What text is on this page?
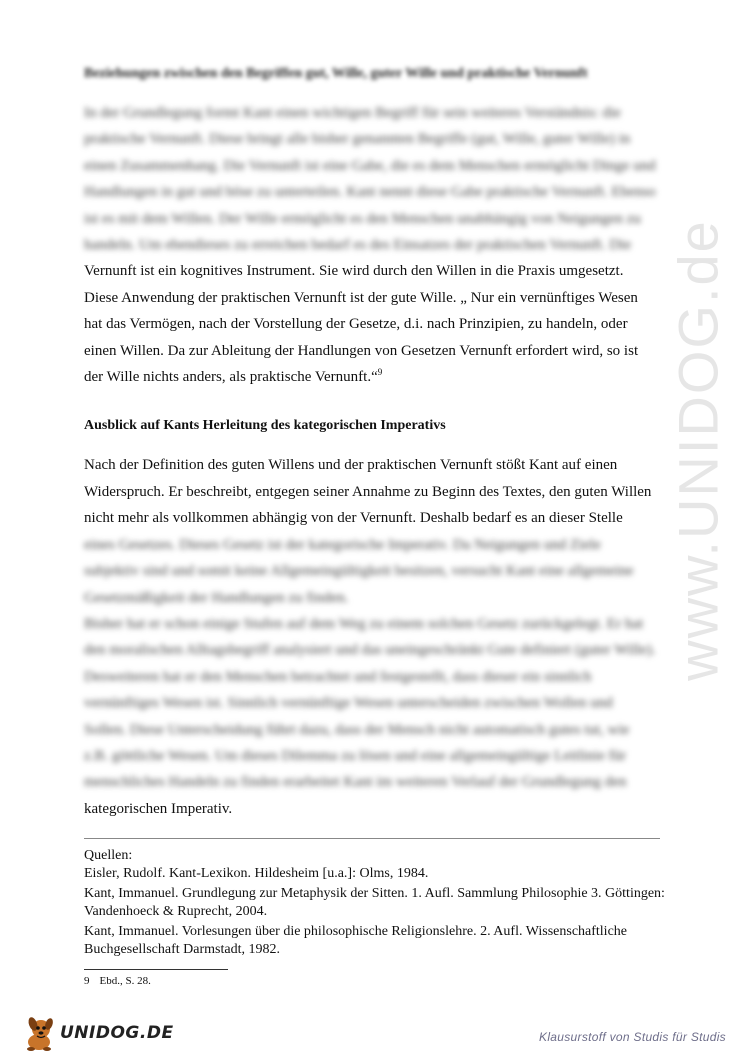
www.UNIDOG.de
Beziehungen zwischen den Begriffen gut, Wille, guter Wille und praktische Vernunft

In der Grundlegung formt Kant einen wichtigen Begriff für sein weiteres Verständnis: die

praktische Vernunft. Diese bringt alle bisher genannten Begriffe (gut, Wille, guter Wille) in

einen Zusammenhang. Die Vernunft ist eine Gabe, die es dem Menschen ermöglicht Dinge und

Handlungen in gut und böse zu unterteilen. Kant nennt diese Gabe praktische Vernunft. Ebenso

ist es mit dem Willen. Der Wille ermöglicht es den Menschen unabhängig von Neigungen zu

handeln. Um ebendieses zu erreichen bedarf es des Einsatzes der praktischen Vernunft. Die

Vernunft ist ein kognitives Instrument. Sie wird durch den Willen in die Praxis umgesetzt.

Diese Anwendung der praktischen Vernunft ist der gute Wille. „ Nur ein vernünftiges Wesen

hat das Vermögen, nach der Vorstellung der Gesetze, d.i. nach Prinzipien, zu handeln, oder

einen Willen. Da zur Ableitung der Handlungen von Gesetzen Vernunft erfordert wird, so ist

der Wille nichts anders, als praktische Vernunft.“$^9$

Ausblick auf Kants Herleitung des kategorischen Imperativs

Nach der Definition des guten Willens und der praktischen Vernunft stößt Kant auf einen

Widerspruch. Er beschreibt, entgegen seiner Annahme zu Beginn des Textes, den guten Willen

nicht mehr als vollkommen abhängig von der Vernunft. Deshalb bedarf es an dieser Stelle

eines Gesetzes. Dieses Gesetz ist der kategorische Imperativ. Da Neigungen und Ziele

subjektiv sind und somit keine Allgemeingültigkeit besitzen, versucht Kant eine allgemeine

Gesetzmäßigkeit der Handlungen zu finden.

Bisher hat er schon einige Stufen auf dem Weg zu einem solchen Gesetz zurückgelegt. Er hat

den moralischen Alltagsbegriff analysiert und das uneingeschränkt Gute definiert (guter Wille).

Desweiteren hat er den Menschen betrachtet und festgestellt, dass dieser ein sinnlich

vernünftiges Wesen ist. Sinnlich vernünftige Wesen unterscheiden zwischen Wollen und

Sollen. Diese Unterscheidung führt dazu, dass der Mensch nicht automatisch gutes tut, wie

z.B. göttliche Wesen. Um dieses Dilemma zu lösen und eine allgemeingültige Leitlinie für

menschliches Handeln zu finden erarbeitet Kant im weiteren Verlauf der Grundlegung den

kategorischen Imperativ.

Quellen:
Eisler, Rudolf. Kant-Lexikon. Hildesheim [u.a.]: Olms, 1984.
Kant, Immanuel. Grundlegung zur Metaphysik der Sitten. 1. Aufl. Sammlung Philosophie 3. Göttingen: Vandenhoeck & Ruprecht, 2004.
Kant, Immanuel. Vorlesungen über die philosophische Religionslehre. 2. Aufl. Wissenschaftliche Buchgesellschaft Darmstadt, 1982.
9 Ebd., S. 28.
UNIDOG.DE	Klausurstoff von Studis für Studis
